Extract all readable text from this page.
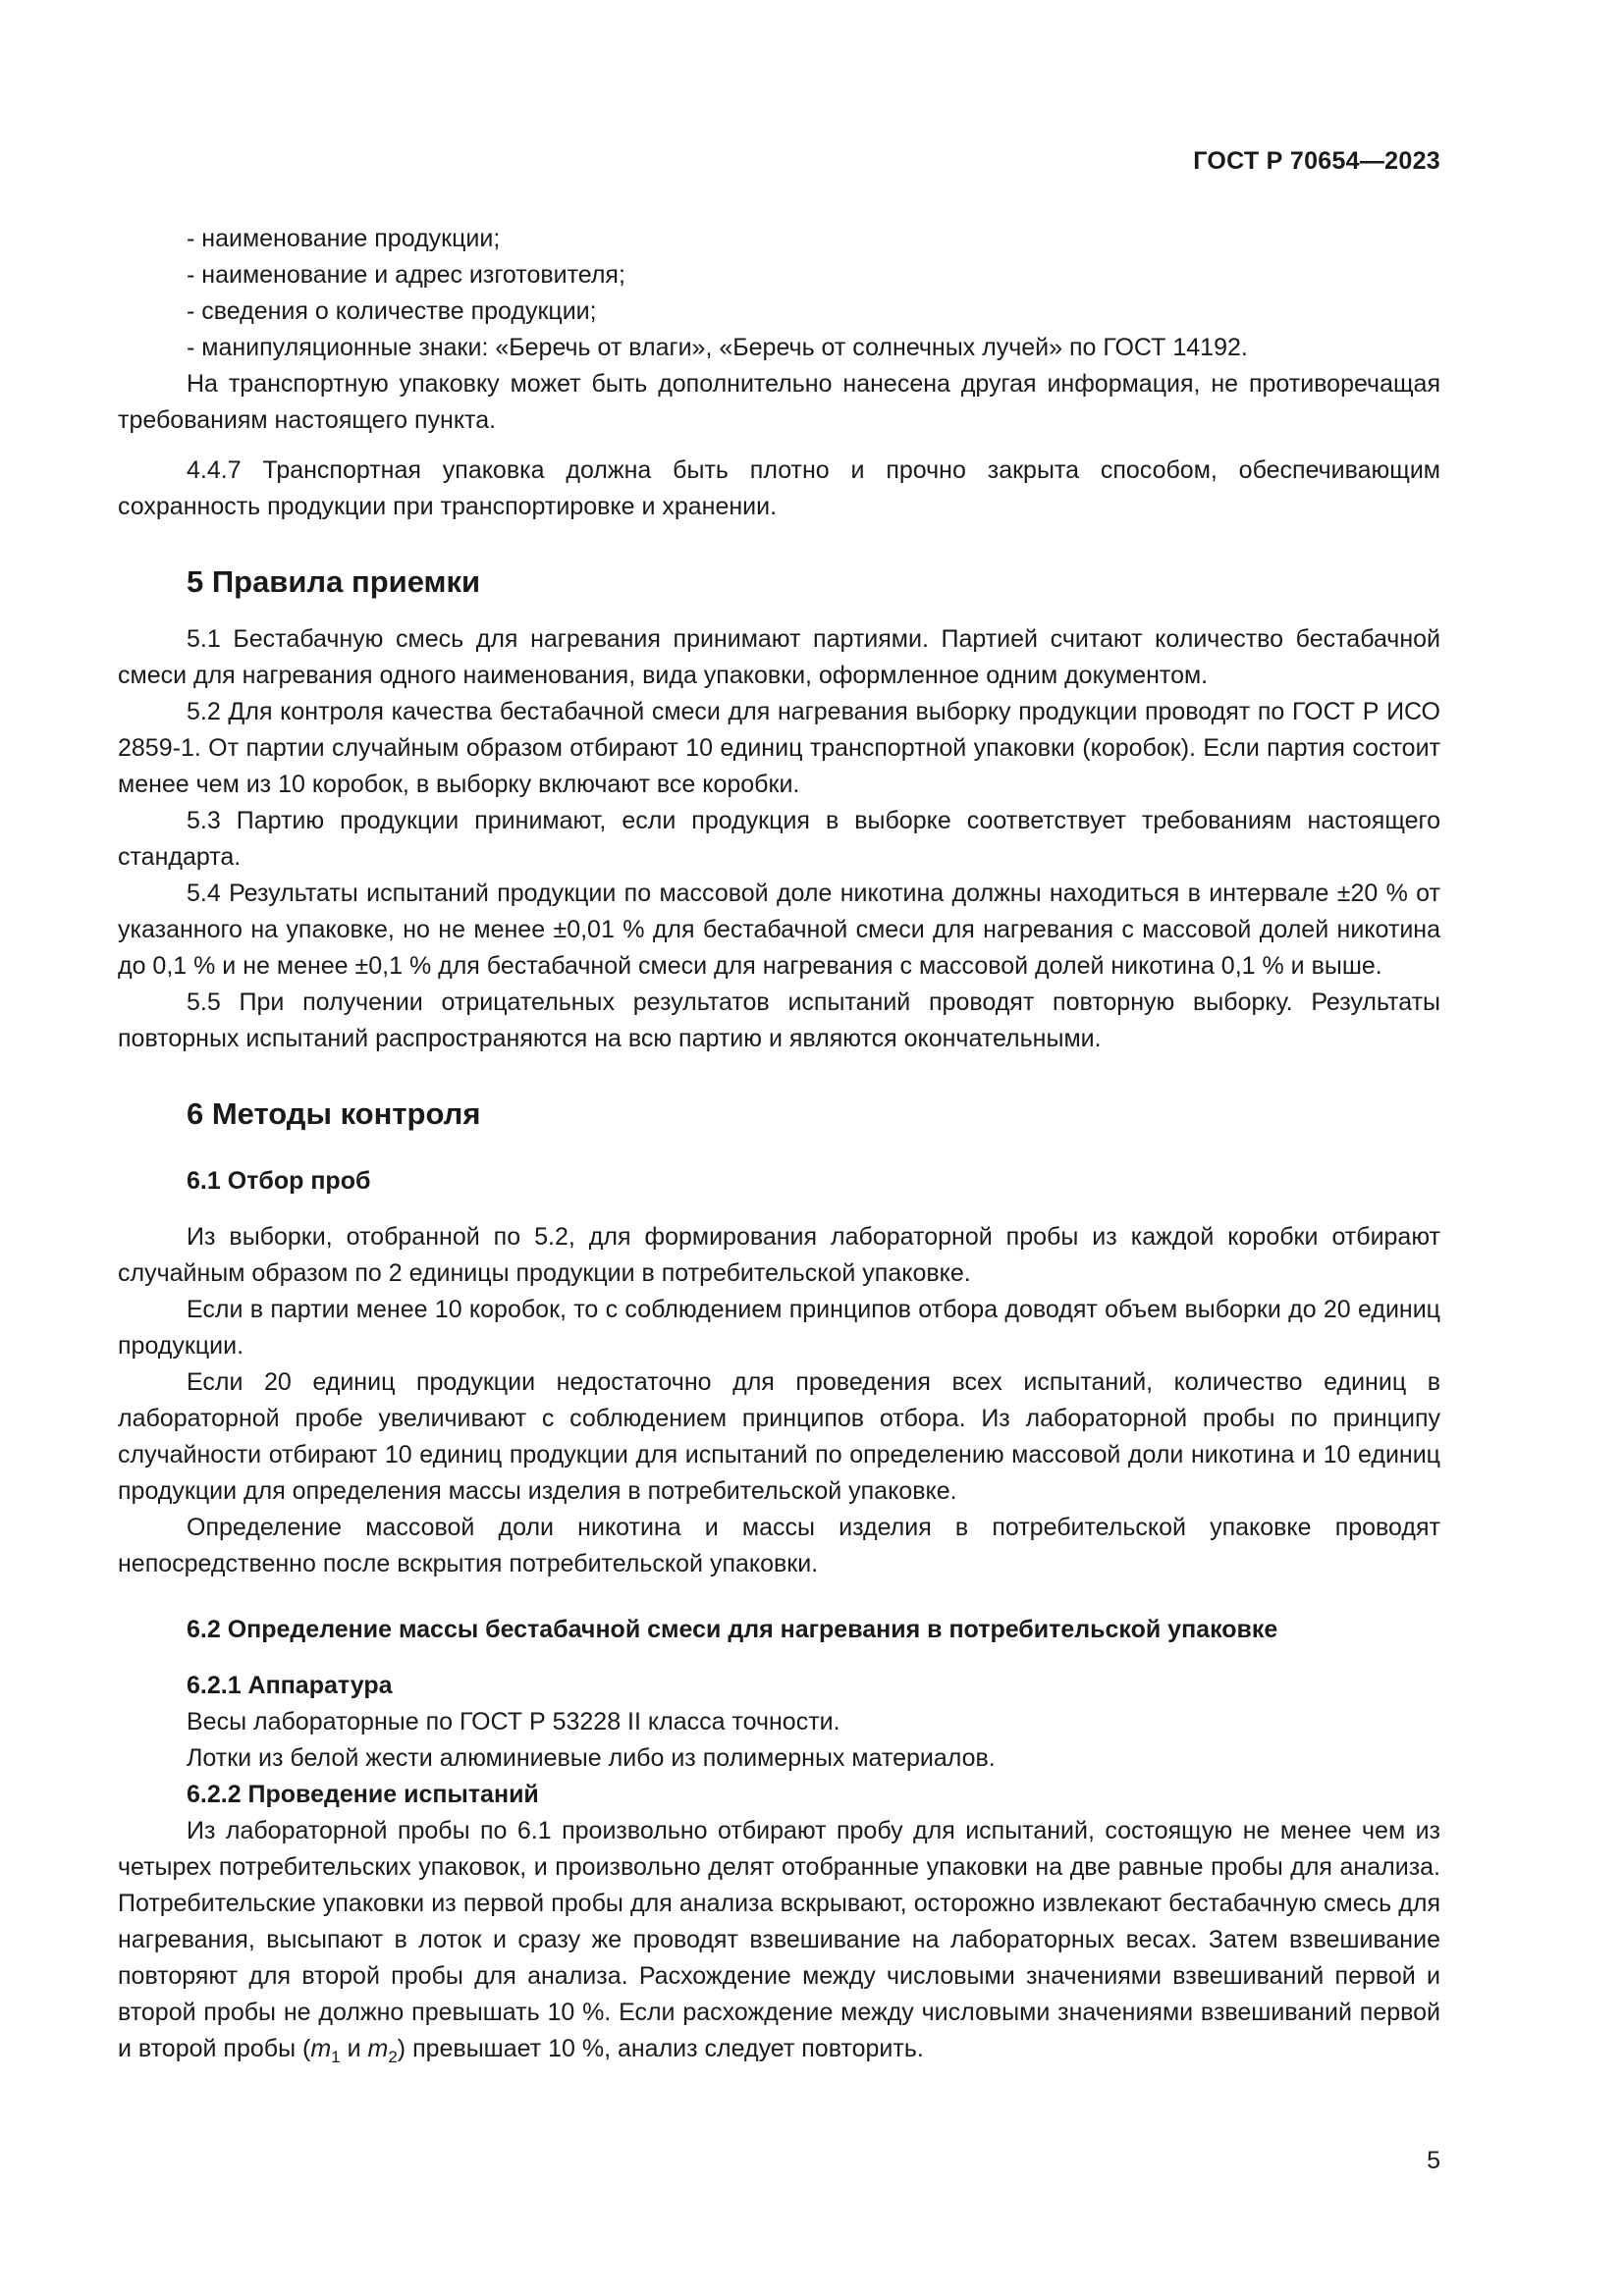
ГОСТ Р 70654—2023

- наименование продукции;

- наименование и адрес изготовителя;

- сведения о количестве продукции;

- манипуляционные знаки: «Беречь от влаги», «Беречь от солнечных лучей» по ГОСТ 14192.

На транспортную упаковку может быть дополнительно нанесена другая информация, не противоречащая требованиям настоящего пункта.

4.4.7 Транспортная упаковка должна быть плотно и прочно закрыта способом, обеспечивающим сохранность продукции при транспортировке и хранении.

5 Правила приемки

5.1 Бестабачную смесь для нагревания принимают партиями. Партией считают количество бестабачной смеси для нагревания одного наименования, вида упаковки, оформленное одним документом.

5.2 Для контроля качества бестабачной смеси для нагревания выборку продукции проводят по ГОСТ Р ИСО 2859-1. От партии случайным образом отбирают 10 единиц транспортной упаковки (коробок). Если партия состоит менее чем из 10 коробок, в выборку включают все коробки.

5.3 Партию продукции принимают, если продукция в выборке соответствует требованиям настоящего стандарта.

5.4 Результаты испытаний продукции по массовой доле никотина должны находиться в интервале ±20 % от указанного на упаковке, но не менее ±0,01 % для бестабачной смеси для нагревания с массовой долей никотина до 0,1 % и не менее ±0,1 % для бестабачной смеси для нагревания с массовой долей никотина 0,1 % и выше.

5.5 При получении отрицательных результатов испытаний проводят повторную выборку. Результаты повторных испытаний распространяются на всю партию и являются окончательными.

6 Методы контроля
6.1 Отбор проб

Из выборки, отобранной по 5.2, для формирования лабораторной пробы из каждой коробки отбирают случайным образом по 2 единицы продукции в потребительской упаковке.

Если в партии менее 10 коробок, то с соблюдением принципов отбора доводят объем выборки до 20 единиц продукции.

Если 20 единиц продукции недостаточно для проведения всех испытаний, количество единиц в лабораторной пробе увеличивают с соблюдением принципов отбора. Из лабораторной пробы по принципу случайности отбирают 10 единиц продукции для испытаний по определению массовой доли никотина и 10 единиц продукции для определения массы изделия в потребительской упаковке.

Определение массовой доли никотина и массы изделия в потребительской упаковке проводят непосредственно после вскрытия потребительской упаковки.

6.2 Определение массы бестабачной смеси для нагревания в потребительской упаковке
6.2.1 Аппаратура

Весы лабораторные по ГОСТ Р 53228 II класса точности.

Лотки из белой жести алюминиевые либо из полимерных материалов.

6.2.2 Проведение испытаний

Из лабораторной пробы по 6.1 произвольно отбирают пробу для испытаний, состоящую не менее чем из четырех потребительских упаковок, и произвольно делят отобранные упаковки на две равные пробы для анализа. Потребительские упаковки из первой пробы для анализа вскрывают, осторожно извлекают бестабачную смесь для нагревания, высыпают в лоток и сразу же проводят взвешивание на лабораторных весах. Затем взвешивание повторяют для второй пробы для анализа. Расхождение между числовыми значениями взвешиваний первой и второй пробы не должно превышать 10 %. Если расхождение между числовыми значениями взвешиваний первой и второй пробы ($m_1$ и $m_2$) превышает 10 %, анализ следует повторить.

5
